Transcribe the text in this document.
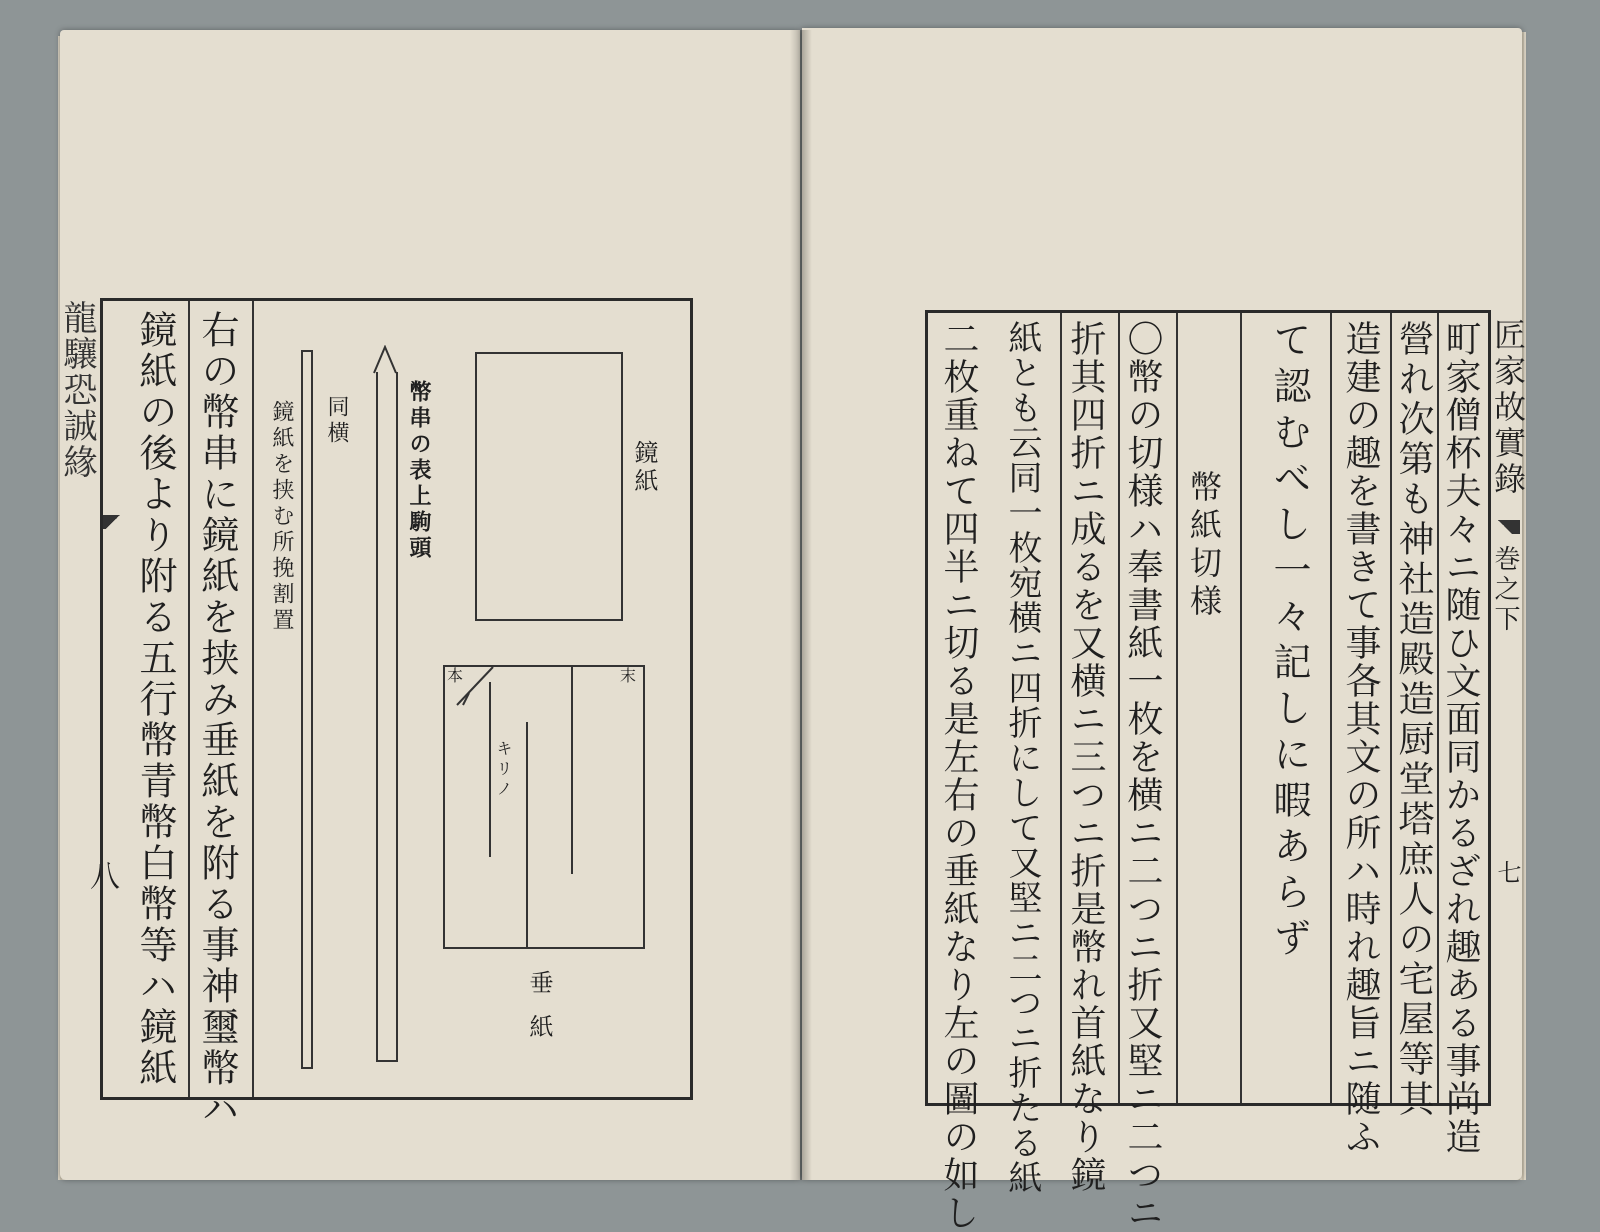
龍驤恐誠緣
八 右の幣串に鏡紙を挟み垂紙を附る事神璽幣ハ
鏡紙の後より附る五行幣青幣白幣等ハ鏡紙	鏡紙を挟む所挽割置 同横	幣串の表上駒頭	鏡紙
本	末
キリノ
垂紙
匠家故實錄
巻之下
七
町家僧杯夫々ニ随ひ文面同かるざれ趣ある事尚造
營れ次第も神社造殿造厨堂塔庶人の宅屋等其
造建の趣を書きて事各其文の所ハ時れ趣旨ニ随ふ
て認むべし一々記しに暇あらず
幣紙切様
〇幣の切様ハ奉書紙一枚を横ニ二つニ折又堅ニ二つニ
折其四折ニ成るを又横ニ三つニ折是幣れ首紙なり鏡
紙とも云同一枚宛横ニ四折にして又堅ニ二つニ折たる紙
二枚重ねて四半ニ切る是左右の垂紙なり左の圖の如し
